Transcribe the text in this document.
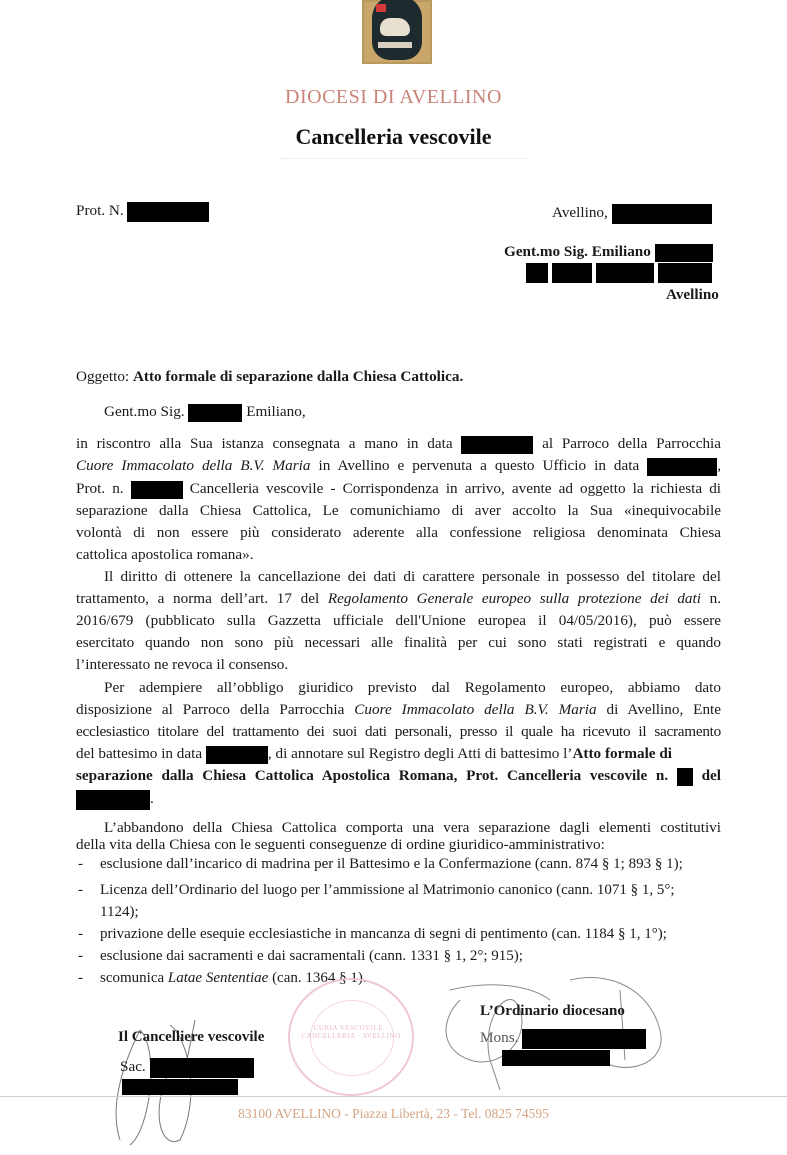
DIOCESI DI AVELLINO
Cancelleria vescovile
Prot. N.	Avellino,
Gent.mo Sig. Emiliano

Avellino
Oggetto: Atto formale di separazione dalla Chiesa Cattolica.
Gent.mo Sig.	Emiliano,
in riscontro alla Sua istanza consegnata a mano in data	al Parroco della Parrocchia
Cuore Immacolato della B.V. Maria in Avellino e pervenuta a questo Ufficio in data	,
Prot. n.	Cancelleria vescovile - Corrispondenza in arrivo, avente ad oggetto la richiesta di
separazione dalla Chiesa Cattolica, Le comunichiamo di aver accolto la Sua «inequivocabile
volontà di non essere più considerato aderente alla confessione religiosa denominata Chiesa
cattolica apostolica romana».
Il diritto di ottenere la cancellazione dei dati di carattere personale in possesso del titolare del
trattamento, a norma dell’art. 17 del Regolamento Generale europeo sulla protezione dei dati n.
2016/679 (pubblicato sulla Gazzetta ufficiale dell'Unione europea il 04/05/2016), può essere
esercitato quando non sono più necessari alle finalità per cui sono stati registrati e quando
l’interessato ne revoca il consenso.
Per adempiere all’obbligo giuridico previsto dal Regolamento europeo, abbiamo dato
disposizione al Parroco della Parrocchia Cuore Immacolato della B.V. Maria di Avellino, Ente
ecclesiastico titolare del trattamento dei suoi dati personali, presso il quale ha ricevuto il sacramento
del battesimo in data	, di annotare sul Registro degli Atti di battesimo l’Atto formale di
separazione dalla Chiesa Cattolica Apostolica Romana, Prot. Cancelleria vescovile n. del
.
L’abbandono della Chiesa Cattolica comporta una vera separazione dagli elementi costitutivi
della vita della Chiesa con le seguenti conseguenze di ordine giuridico-amministrativo:
- esclusione dall’incarico di madrina per il Battesimo e la Confermazione (cann. 874 § 1; 893 § 1);
- Licenza dell’Ordinario del luogo per l’ammissione al Matrimonio canonico (cann. 1071 § 1, 5°;
1124);
- privazione delle esequie ecclesiastiche in mancanza di segni di pentimento (can. 1184 § 1, 1°);
- esclusione dai sacramenti e dai sacramentali (cann. 1331 § 1, 2°; 915);
- scomunica Latae Sententiae (can. 1364 § 1).
CURIA VESCOVILE · CANCELLERIA · AVELLINO
Il Cancelliere vescovile
Sac.
L’Ordinario diocesano
Mons.
83100 AVELLINO - Piazza Libertà, 23 - Tel. 0825 74595
